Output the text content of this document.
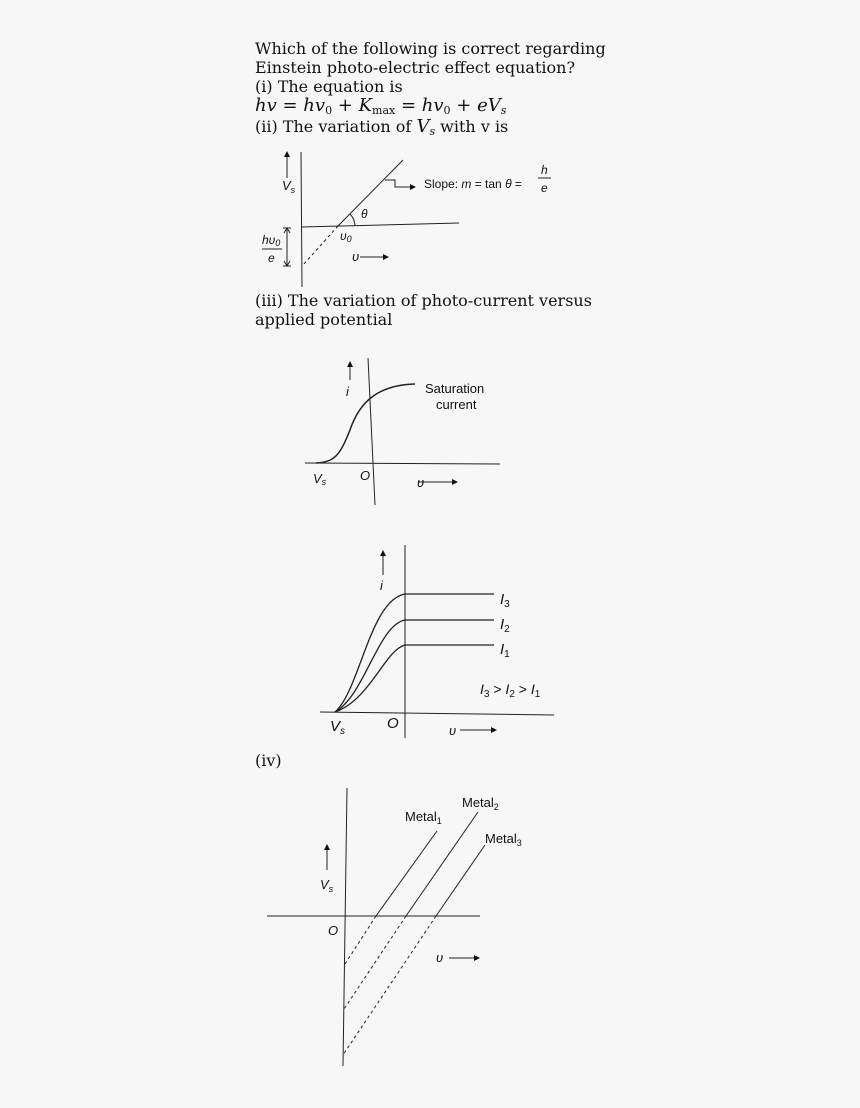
Which of the following is correct regarding
Einstein photo-electric effect equation?
(i) The equation is
hv = $hv_0 + K_{max} = hv_0$ + eVs
(ii) The variation of Vs with v is
(iii) The variation of photo-current versus
applied potential
(iv)
$V_s$	Slope: m = tan θ =
h
e
θ
υ0
hυ0
e	υ
i	Saturation
current
Vs	O	υ
i
$I_3$
$I_2$
$I_1$
$I_3 > I_2 > I_1$
$V_s$	O	υ
$V_s$
O
υ
Metal$_1$
Metal$_2$
Metal$_3$
